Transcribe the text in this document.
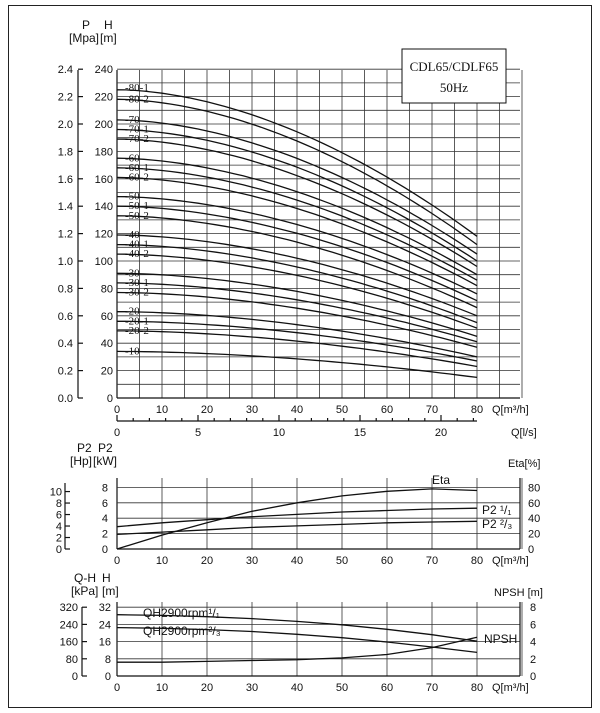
P
[Mpa]
H
[m]
2.4
2.2
2.0
1.8
1.6
1.4
1.2
1.0
0.8
0.6
0.4
0.2
0.0
240
220
200
180
160
140
120
100
80
60
40
20
0
0	10	20	30	40	50	60	70	80 Q[m³/h]
0	5	10	15	20	Q[l/s]
-80-1
-80-2
-70
-70-1
-70-2
-60
-60-1
-60-2
-50
-50-1
-50-2
-40
-40-1
-40-2
-30
-30-1
-30-2
-20
-20-1
-20-2
-10
P2
[Hp]
P2
[kW]
10
8
6
4
2
0
8
6
4
2
0
80
60
40
20
0
Eta[%]
0	10	20	30	40	50	60	70	80 Q[m³/h]
Eta
P2 ¹/₁
P2 ²/₃
Q-H
[kPa]
H
[m]
320
240
160
80
0
32
24
16
8
0
8
6
4
2
0
NPSH [m]
0	10	20	30	40	50	60	70	80 Q[m³/h]
QH2900rpm¹/₁
QH2900rpm²/₃
NPSH
CDL65/CDLF65
50Hz
